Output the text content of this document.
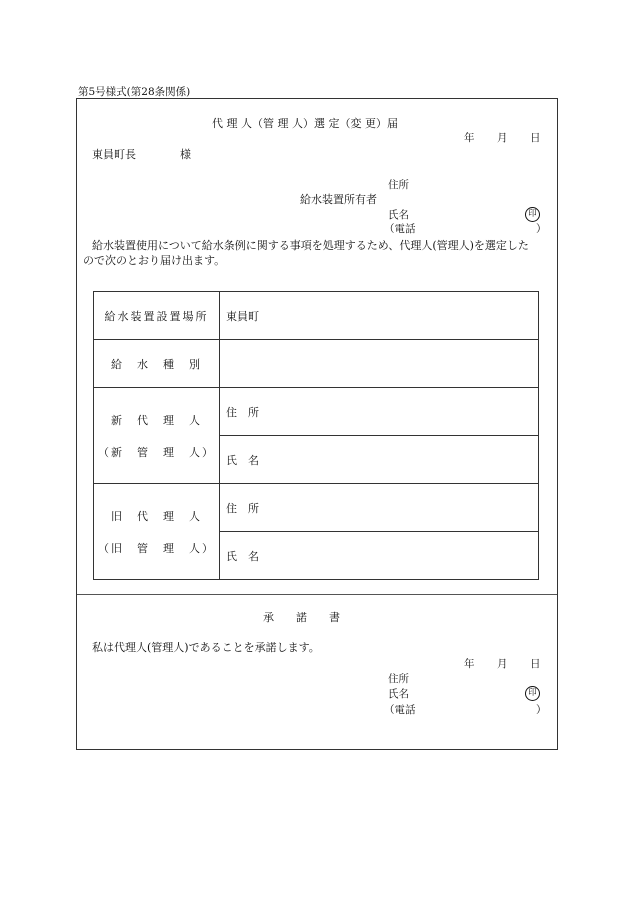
第5号様式(第28条関係)
代 理 人（管 理 人）選 定（変 更）届
年 月 日
東員町長	様
住所
給水装置所有者
氏名	印
（電話	）
給水装置使用について給水条例に関する事項を処理するため、代理人(管理人)を選定した
ので次のとおり届け出ます。
給水装置設置場所	東員町

給　水　種　別	

新　代　理　人
（新　管　理　人）	住　所
	氏　名

旧　代　理　人
（旧　管　理　人）	住　所
	氏　名
承　　諾　　書
私は代理人(管理人)であることを承諾します。
年 月 日
住所
氏名	印
（電話	）
